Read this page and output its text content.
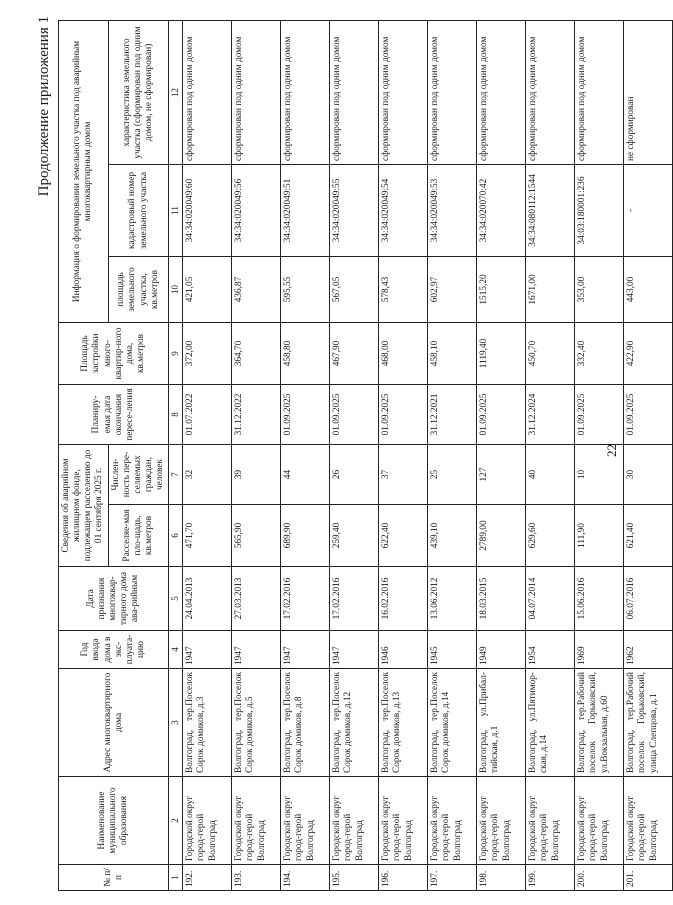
22
Продолжение приложения 1
№ п/п	Наименование муниципального образования	Адрес многоквартирного дома	Год ввода дома в экс-плуата-цию	Дата признания многоквар-тирного дома ава-рийным	Сведения об аварийном жилищном фонде, подлежащем расселению до 01 сентября 2025 г.		Планиру-емая дата окончания пересе-ления	Площадь застройки много-квартир-ного дома, кв.метров	Информация о формировании земельного участка под аварийным многоквартирным домом		
					Расселяе-мая пло-щадь, кв.метров	Числен-ность пере-селяемых граждан, человек			площадь земельного участка, кв.метров	кадастровый номер земельного участка	характеристика земельного участка (сформирован под одним домом, не сформирован)
1	2	3	4	5	6	7	8	9	10	11	12
192.	Городской округ город-герой Волгоград	Волгоград, тер.Поселок Сорок домиков, д.3	1947	24.04.2013	471,70	32	01.07.2022	372,00	421,05	34:34:020049:60	сформирован под одним домом
193.	Городской округ город-герой Волгоград	Волгоград, тер.Поселок Сорок домиков, д.5	1947	27.03.2013	565,90	39	31.12.2022	364,70	436,87	34:34:020049:56	сформирован под одним домом
194.	Городской округ город-герой Волгоград	Волгоград, тер.Поселок Сорок домиков, д.8	1947	17.02.2016	689,90	44	01.09.2025	458,80	595,55	34:34:020049:51	сформирован под одним домом
195.	Городской округ город-герой Волгоград	Волгоград, тер.Поселок Сорок домиков, д.12	1947	17.02.2016	259,40	26	01.09.2025	467,90	567,05	34:34:020049:55	сформирован под одним домом
196.	Городской округ город-герой Волгоград	Волгоград, тер.Поселок Сорок домиков, д.13	1946	16.02.2016	622,40	37	01.09.2025	468,00	578,43	34:34:020049:54	сформирован под одним домом
197.	Городской округ город-герой Волгоград	Волгоград, тер.Поселок Сорок домиков, д.14	1945	13.06.2012	439,10	25	31.12.2021	458,10	602,97	34:34:020049:53	сформирован под одним домом
198.	Городской округ город-герой Волгоград	Волгоград, ул.Прибал-тийская, д.1	1949	18.03.2015	2789,00	127	01.09.2025	1119,40	1515,20	34:34:020070:42	сформирован под одним домом
199.	Городской округ город-герой Волгоград	Волгоград, ул.Пятимор-ская, д.14	1954	04.07.2014	629,60	40	31.12.2024	450,70	1671,00	34:34:080112:1544	сформирован под одним домом
200.	Городской округ город-герой Волгоград	Волгоград, тер.Рабочий поселок Горьковский, ул.Вокзальная, д.60	1969	15.06.2016	111,90	10	01.09.2025	332,40	353,00	34:03:180001:236	сформирован под одним домом
201.	Городской округ город-герой Волгоград	Волгоград, тер.Рабочий поселок Горьковский, улица Слепцова, д.1	1962	06.07.2016	621,40	30	01.09.2025	422,90	443,00	-	не сформирован
